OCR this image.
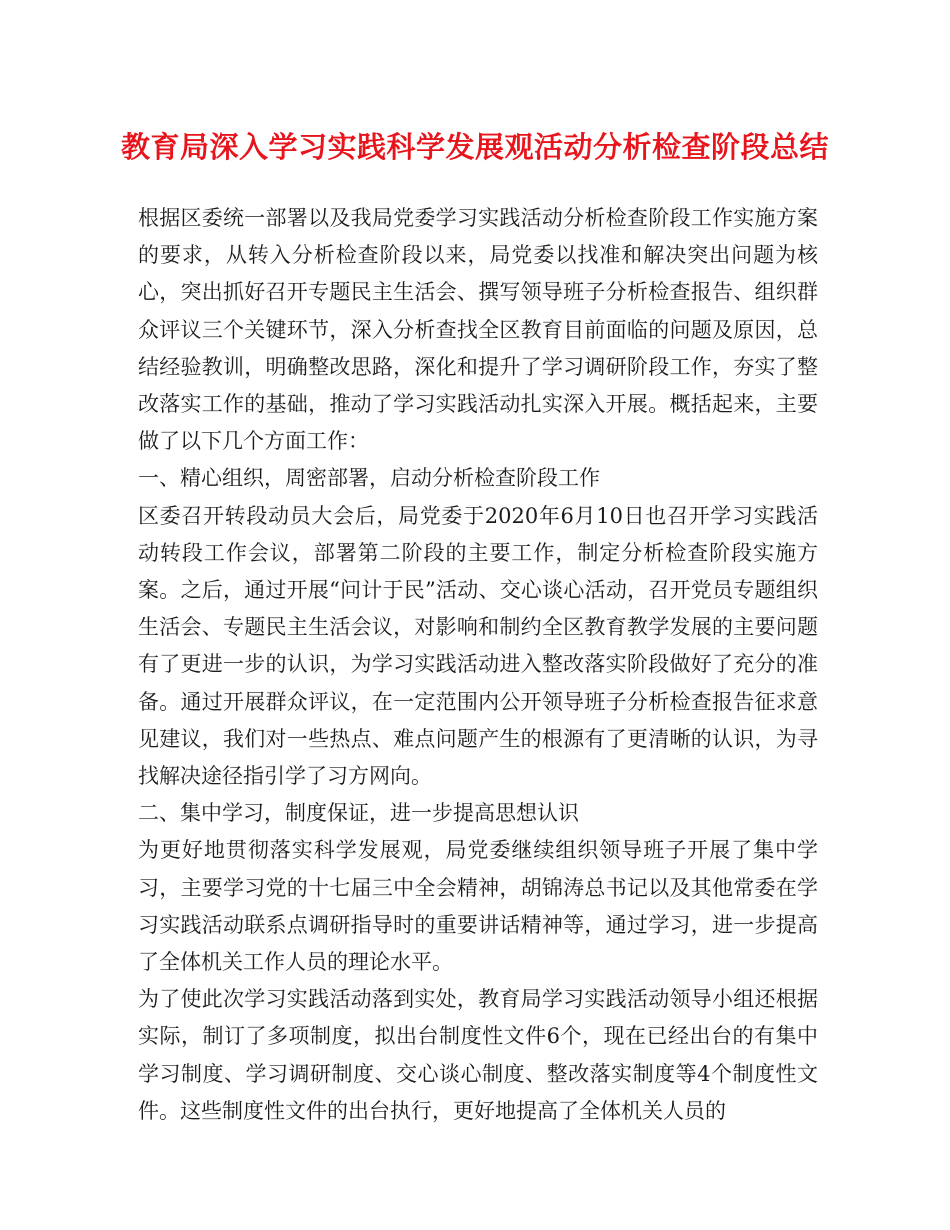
教育局深入学习实践科学发展观活动分析检查阶段总结

根据区委统一部署以及我局党委学习实践活动分析检查阶段工作实施方案的要求，从转入分析检查阶段以来，局党委以找准和解决突出问题为核心，突出抓好召开专题民主生活会、撰写领导班子分析检查报告、组织群众评议三个关键环节，深入分析查找全区教育目前面临的问题及原因，总结经验教训，明确整改思路，深化和提升了学习调研阶段工作，夯实了整改落实工作的基础，推动了学习实践活动扎实深入开展。概括起来，主要做了以下几个方面工作：

一、精心组织，周密部署，启动分析检查阶段工作

区委召开转段动员大会后，局党委于2020年6月10日也召开学习实践活动转段工作会议，部署第二阶段的主要工作，制定分析检查阶段实施方案。之后，通过开展“问计于民”活动、交心谈心活动，召开党员专题组织生活会、专题民主生活会议，对影响和制约全区教育教学发展的主要问题有了更进一步的认识，为学习实践活动进入整改落实阶段做好了充分的准备。通过开展群众评议，在一定范围内公开领导班子分析检查报告征求意见建议，我们对一些热点、难点问题产生的根源有了更清晰的认识，为寻找解决途径指引学了习方网向。

二、集中学习，制度保证，进一步提高思想认识

为更好地贯彻落实科学发展观，局党委继续组织领导班子开展了集中学习，主要学习党的十七届三中全会精神，胡锦涛总书记以及其他常委在学习实践活动联系点调研指导时的重要讲话精神等，通过学习，进一步提高了全体机关工作人员的理论水平。

为了使此次学习实践活动落到实处，教育局学习实践活动领导小组还根据实际，制订了多项制度，拟出台制度性文件6个，现在已经出台的有集中学习制度、学习调研制度、交心谈心制度、整改落实制度等4个制度性文件。这些制度性文件的出台执行，更好地提高了全体机关人员的
